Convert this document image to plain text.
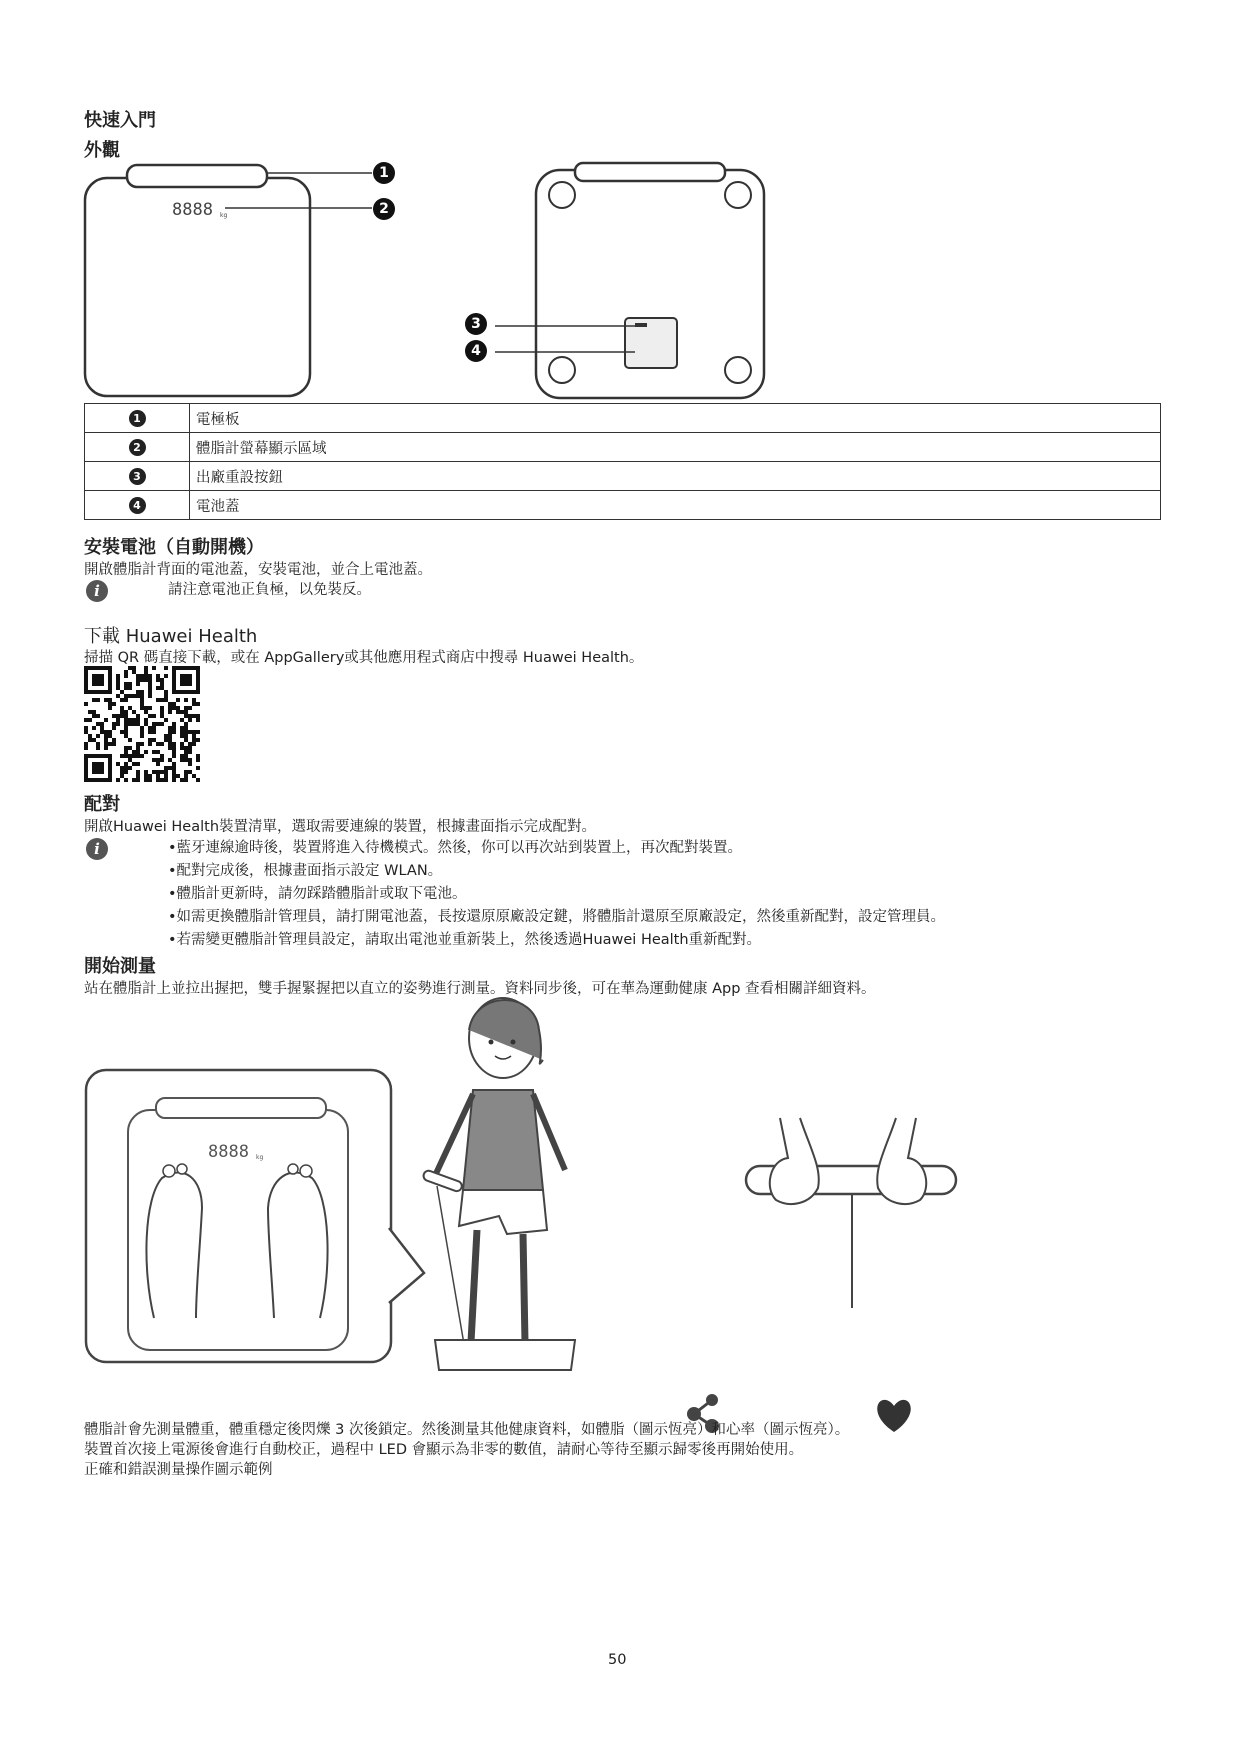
快速入門
外觀
8888 kg
1
2
3
4
1	電極板
2	體脂計螢幕顯示區域
3	出廠重設按鈕
4	電池蓋
安裝電池（自動開機）
開啟體脂計背面的電池蓋，安裝電池，並合上電池蓋。
i	請注意電池正負極，以免裝反。
下載 Huawei Health
掃描 QR 碼直接下載，或在 AppGallery或其他應用程式商店中搜尋 Huawei Health。
配對
開啟Huawei Health裝置清單，選取需要連線的裝置，根據畫面指示完成配對。
i	•藍牙連線逾時後，裝置將進入待機模式。然後，你可以再次站到裝置上，再次配對裝置。
•配對完成後，根據畫面指示設定 WLAN。
•體脂計更新時，請勿踩踏體脂計或取下電池。
•如需更換體脂計管理員，請打開電池蓋，長按還原原廠設定鍵，將體脂計還原至原廠設定，然後重新配對，設定管理員。
•若需變更體脂計管理員設定，請取出電池並重新裝上，然後透過Huawei Health重新配對。
開始測量
站在體脂計上並拉出握把，雙手握緊握把以直立的姿勢進行測量。資料同步後，可在華為運動健康 App 查看相關詳細資料。
8888 kg
體脂計會先測量體重，體重穩定後閃爍 3 次後鎖定。然後測量其他健康資料，如體脂（圖示恆亮）和心率（圖示恆亮）。
裝置首次接上電源後會進行自動校正，過程中 LED 會顯示為非零的數值，請耐心等待至顯示歸零後再開始使用。
正確和錯誤測量操作圖示範例
50
